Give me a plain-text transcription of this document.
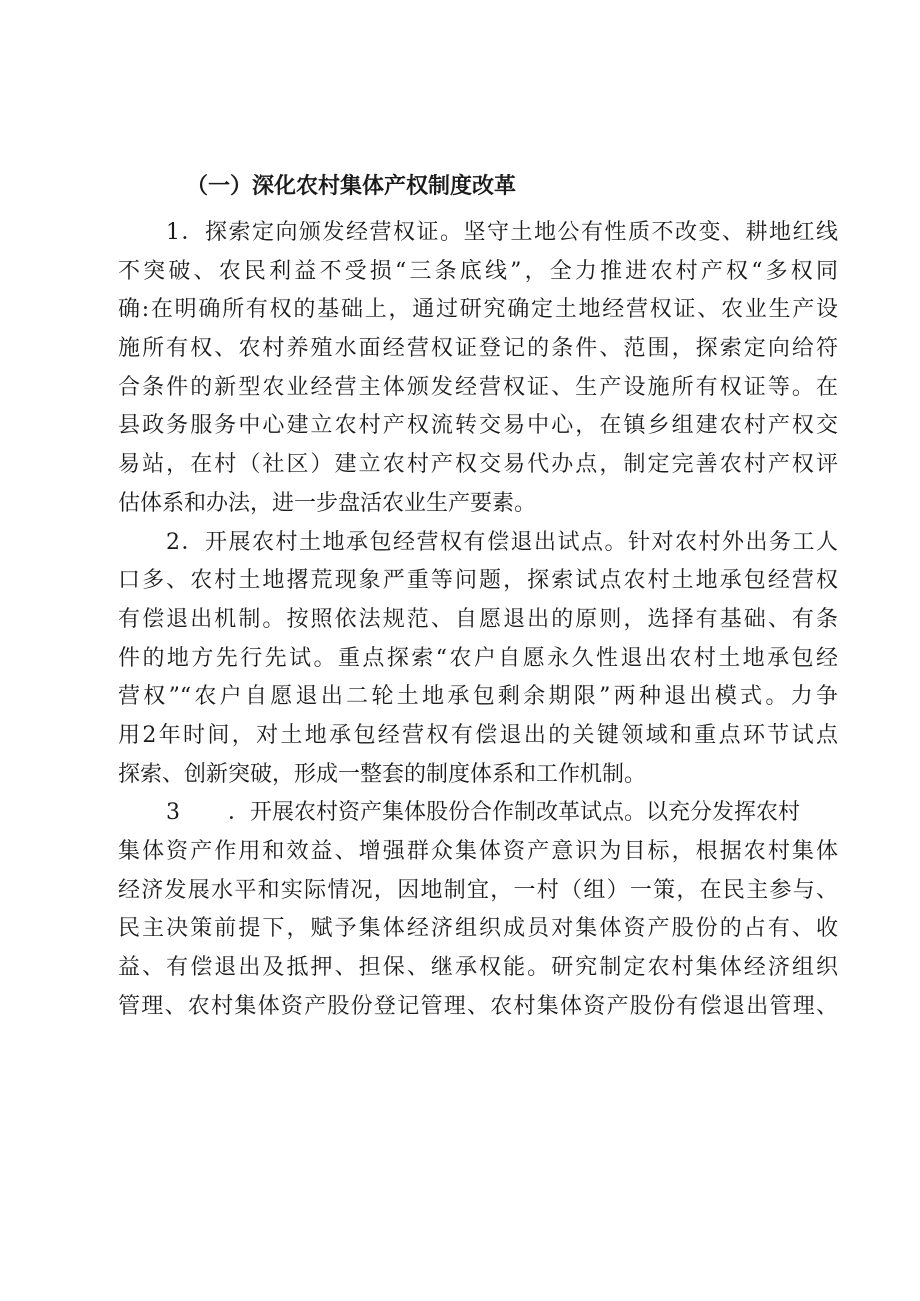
（一）深化农村集体产权制度改革
1．探索定向颁发经营权证。坚守土地公有性质不改变、耕地红线
不突破、农民利益不受损“三条底线”，全力推进农村产权“多权同
确:在明确所有权的基础上，通过研究确定土地经营权证、农业生产设
施所有权、农村养殖水面经营权证登记的条件、范围，探索定向给符
合条件的新型农业经营主体颁发经营权证、生产设施所有权证等。在
县政务服务中心建立农村产权流转交易中心，在镇乡组建农村产权交
易站，在村（社区）建立农村产权交易代办点，制定完善农村产权评
估体系和办法，进一步盘活农业生产要素。
2．开展农村土地承包经营权有偿退出试点。针对农村外出务工人
口多、农村土地撂荒现象严重等问题，探索试点农村土地承包经营权
有偿退出机制。按照依法规范、自愿退出的原则，选择有基础、有条
件的地方先行先试。重点探索“农户自愿永久性退出农村土地承包经
营权”“农户自愿退出二轮土地承包剩余期限”两种退出模式。力争
用2年时间，对土地承包经营权有偿退出的关键领域和重点环节试点
探索、创新突破，形成一整套的制度体系和工作机制。
3 ．开展农村资产集体股份合作制改革试点。以充分发挥农村
集体资产作用和效益、增强群众集体资产意识为目标，根据农村集体
经济发展水平和实际情况，因地制宜，一村（组）一策，在民主参与、
民主决策前提下，赋予集体经济组织成员对集体资产股份的占有、收
益、有偿退出及抵押、担保、继承权能。研究制定农村集体经济组织
管理、农村集体资产股份登记管理、农村集体资产股份有偿退出管理、
